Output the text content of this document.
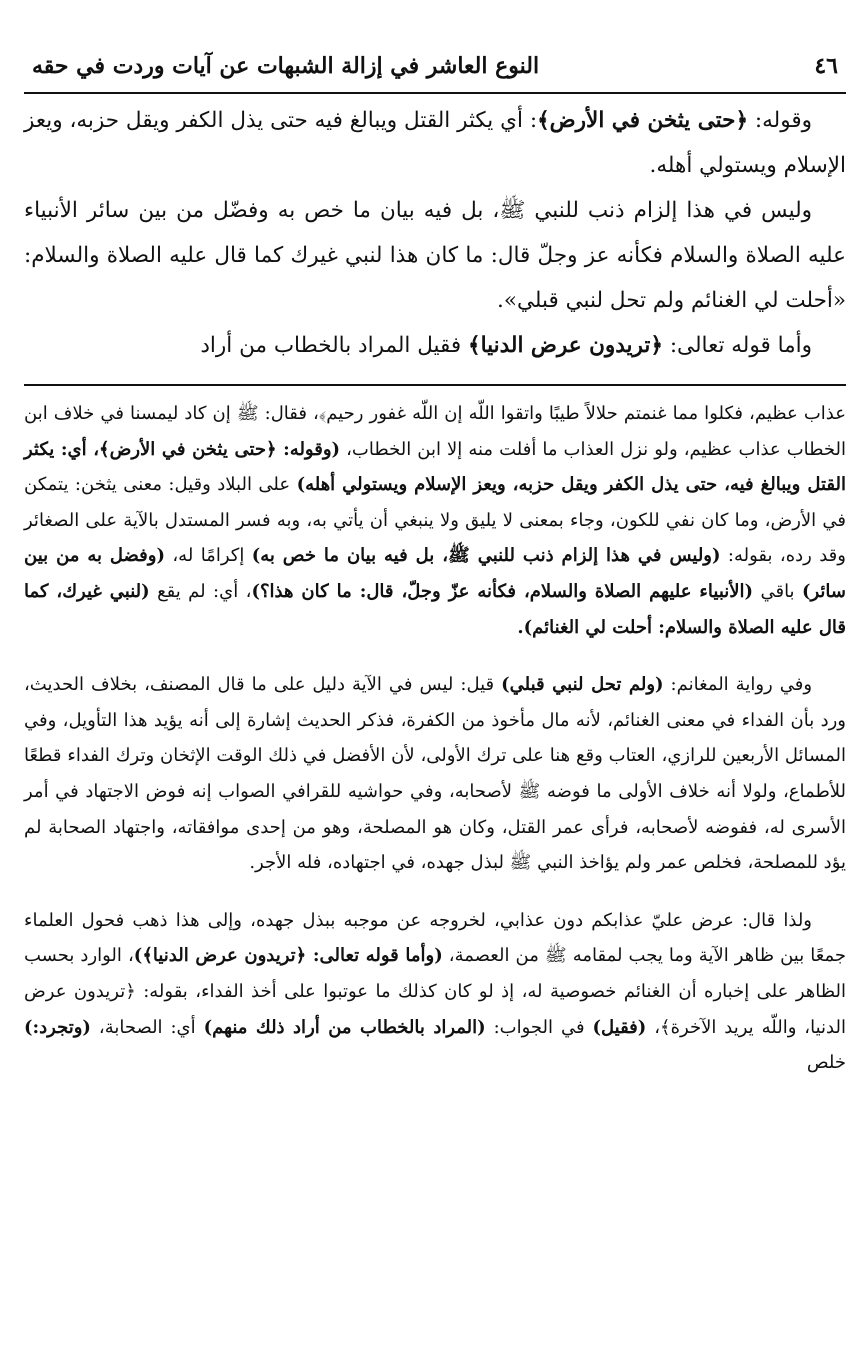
٤٦
النوع العاشر في إزالة الشبهات عن آيات وردت في حقه

وقوله: ﴿حتى يثخن في الأرض﴾: أي يكثر القتل ويبالغ فيه حتى يذل الكفر ويقل حزبه، ويعز الإسلام ويستولي أهله.

وليس في هذا إلزام ذنب للنبي ﷺ، بل فيه بيان ما خص به وفضّل من بين سائر الأنبياء عليه الصلاة والسلام فكأنه عز وجلّ قال: ما كان هذا لنبي غيرك كما قال عليه الصلاة والسلام: «أحلت لي الغنائم ولم تحل لنبي قبلي».

وأما قوله تعالى: ﴿تريدون عرض الدنيا﴾ فقيل المراد بالخطاب من أراد

عذاب عظيم، فكلوا مما غنمتم حلالاً طيبًا واتقوا اللّه إن اللّه غفور رحيم﴾، فقال: ﷺ إن كاد ليمسنا في خلاف ابن الخطاب عذاب عظيم، ولو نزل العذاب ما أفلت منه إلا ابن الخطاب، (وقوله: ﴿حتى يثخن في الأرض﴾، أي: يكثر القتل ويبالغ فيه، حتى يذل الكفر ويقل حزبه، ويعز الإسلام ويستولي أهله) على البلاد وقيل: معنى يثخن: يتمكن في الأرض، وما كان نفي للكون، وجاء بمعنى لا يليق ولا ينبغي أن يأتي به، وبه فسر المستدل بالآية على الصغائر وقد رده، بقوله: (وليس في هذا إلزام ذنب للنبي ﷺ، بل فيه بيان ما خص به) إكرامًا له، (وفضل به من بين سائر) باقي (الأنبياء عليهم الصلاة والسلام، فكأنه عزّ وجلّ، قال: ما كان هذا؟)، أي: لم يقع (لنبي غيرك، كما قال عليه الصلاة والسلام: أحلت لي الغنائم).

وفي رواية المغانم: (ولم تحل لنبي قبلي) قيل: ليس في الآية دليل على ما قال المصنف، بخلاف الحديث، ورد بأن الفداء في معنى الغنائم، لأنه مال مأخوذ من الكفرة، فذكر الحديث إشارة إلى أنه يؤيد هذا التأويل، وفي المسائل الأربعين للرازي، العتاب وقع هنا على ترك الأولى، لأن الأفضل في ذلك الوقت الإثخان وترك الفداء قطعًا للأطماع، ولولا أنه خلاف الأولى ما فوضه ﷺ لأصحابه، وفي حواشيه للقرافي الصواب إنه فوض الاجتهاد في أمر الأسرى له، ففوضه لأصحابه، فرأى عمر القتل، وكان هو المصلحة، وهو من إحدى موافقاته، واجتهاد الصحابة لم يؤد للمصلحة، فخلص عمر ولم يؤاخذ النبي ﷺ لبذل جهده، في اجتهاده، فله الأجر.

ولذا قال: عرض عليّ عذابكم دون عذابي، لخروجه عن موجبه ببذل جهده، وإلى هذا ذهب فحول العلماء جمعًا بين ظاهر الآية وما يجب لمقامه ﷺ من العصمة، (وأما قوله تعالى: ﴿تريدون عرض الدنيا﴾)، الوارد بحسب الظاهر على إخباره أن الغنائم خصوصية له، إذ لو كان كذلك ما عوتبوا على أخذ الفداء، بقوله: ﴿تريدون عرض الدنيا، واللّه يريد الآخرة﴾، (فقيل) في الجواب: (المراد بالخطاب من أراد ذلك منهم) أي: الصحابة، (وتجرد:) خلص
